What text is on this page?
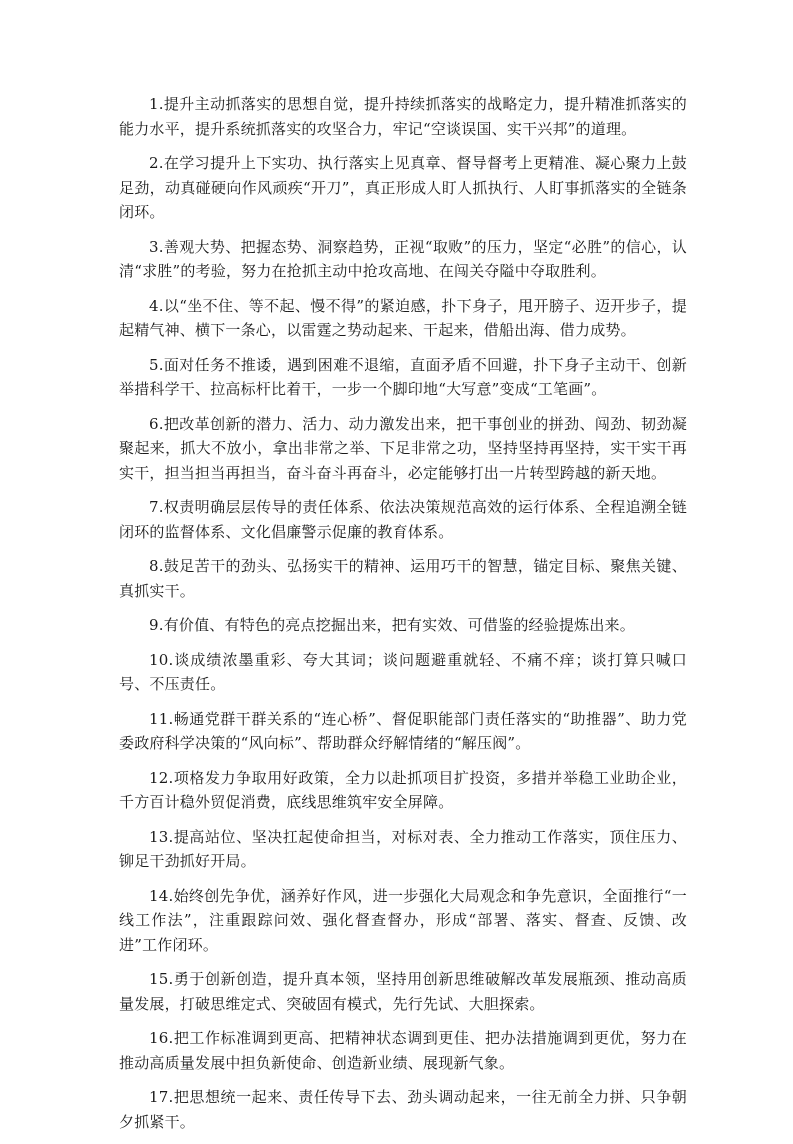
1.提升主动抓落实的思想自觉，提升持续抓落实的战略定力，提升精准抓落实的能力水平，提升系统抓落实的攻坚合力，牢记“空谈误国、实干兴邦”的道理。

2.在学习提升上下实功、执行落实上见真章、督导督考上更精准、凝心聚力上鼓足劲，动真碰硬向作风顽疾“开刀”，真正形成人盯人抓执行、人盯事抓落实的全链条闭环。

3.善观大势、把握态势、洞察趋势，正视“取败”的压力，坚定“必胜”的信心，认清“求胜”的考验，努力在抢抓主动中抢攻高地、在闯关夺隘中夺取胜利。

4.以“坐不住、等不起、慢不得”的紧迫感，扑下身子，甩开膀子、迈开步子，提起精气神、横下一条心，以雷霆之势动起来、干起来，借船出海、借力成势。

5.面对任务不推诿，遇到困难不退缩，直面矛盾不回避，扑下身子主动干、创新举措科学干、拉高标杆比着干，一步一个脚印地“大写意”变成“工笔画”。

6.把改革创新的潜力、活力、动力激发出来，把干事创业的拼劲、闯劲、韧劲凝聚起来，抓大不放小，拿出非常之举、下足非常之功，坚持坚持再坚持，实干实干再实干，担当担当再担当，奋斗奋斗再奋斗，必定能够打出一片转型跨越的新天地。

7.权责明确层层传导的责任体系、依法决策规范高效的运行体系、全程追溯全链闭环的监督体系、文化倡廉警示促廉的教育体系。

8.鼓足苦干的劲头、弘扬实干的精神、运用巧干的智慧，锚定目标、聚焦关键、真抓实干。

9.有价值、有特色的亮点挖掘出来，把有实效、可借鉴的经验提炼出来。

10.谈成绩浓墨重彩、夸大其词；谈问题避重就轻、不痛不痒；谈打算只喊口号、不压责任。

11.畅通党群干群关系的“连心桥”、督促职能部门责任落实的“助推器”、助力党委政府科学决策的“风向标”、帮助群众纾解情绪的“解压阀”。

12.项格发力争取用好政策，全力以赴抓项目扩投资，多措并举稳工业助企业，千方百计稳外贸促消费，底线思维筑牢安全屏障。

13.提高站位、坚决扛起使命担当，对标对表、全力推动工作落实，顶住压力、铆足干劲抓好开局。

14.始终创先争优，涵养好作风，进一步强化大局观念和争先意识，全面推行“一线工作法”，注重跟踪问效、强化督查督办，形成“部署、落实、督查、反馈、改进”工作闭环。

15.勇于创新创造，提升真本领，坚持用创新思维破解改革发展瓶颈、推动高质量发展，打破思维定式、突破固有模式，先行先试、大胆探索。

16.把工作标准调到更高、把精神状态调到更佳、把办法措施调到更优，努力在推动高质量发展中担负新使命、创造新业绩、展现新气象。

17.把思想统一起来、责任传导下去、劲头调动起来，一往无前全力拼、只争朝夕抓紧干。
